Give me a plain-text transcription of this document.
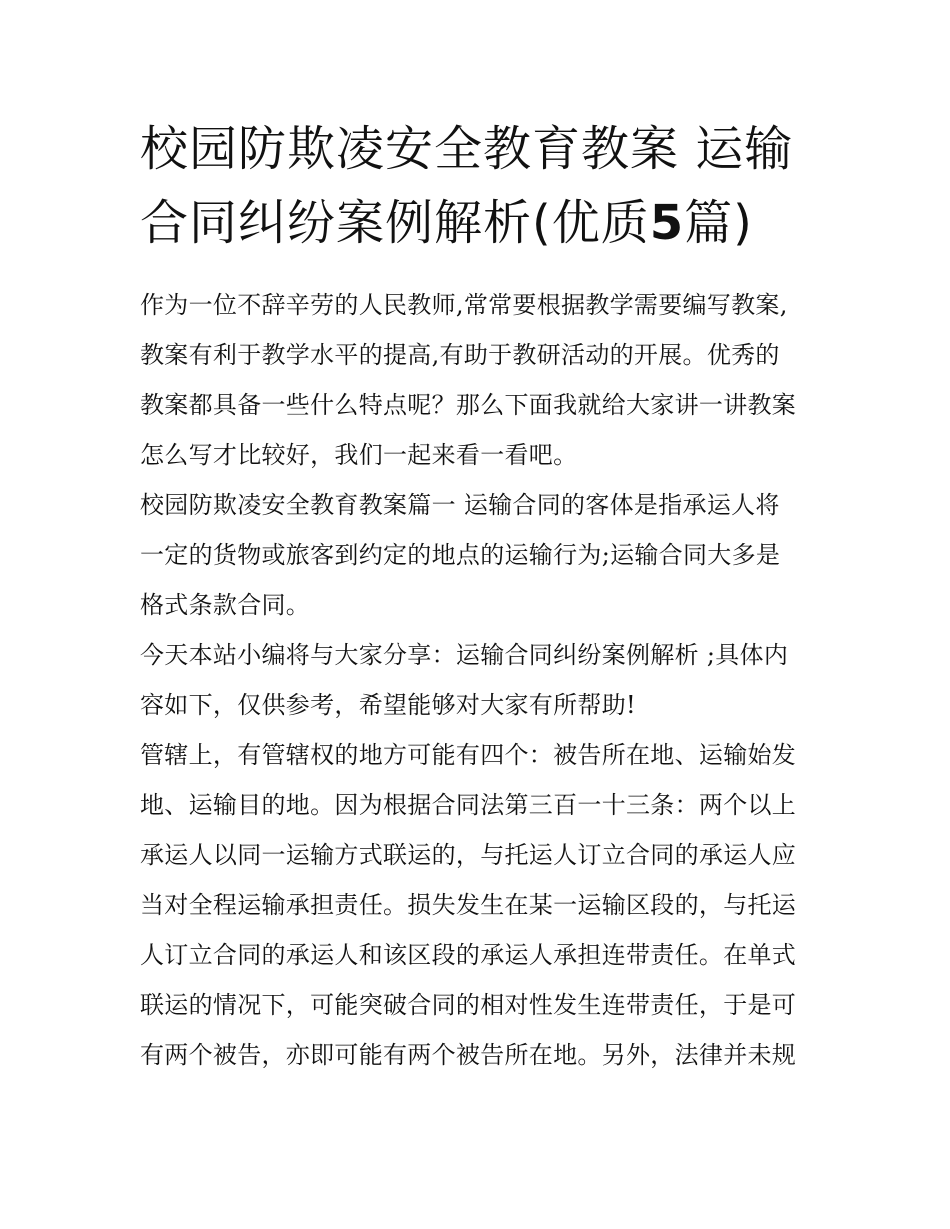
校园防欺凌安全教育教案 运输
合同纠纷案例解析(优质5篇)
作为一位不辞辛劳的人民教师,常常要根据教学需要编写教案,
教案有利于教学水平的提高,有助于教研活动的开展。优秀的
教案都具备一些什么特点呢？那么下面我就给大家讲一讲教案
怎么写才比较好，我们一起来看一看吧。
校园防欺凌安全教育教案篇一 运输合同的客体是指承运人将
一定的货物或旅客到约定的地点的运输行为;运输合同大多是
格式条款合同。
今天本站小编将与大家分享：运输合同纠纷案例解析 ;具体内
容如下，仅供参考，希望能够对大家有所帮助!
管辖上，有管辖权的地方可能有四个：被告所在地、运输始发
地、运输目的地。因为根据合同法第三百一十三条：两个以上
承运人以同一运输方式联运的，与托运人订立合同的承运人应
当对全程运输承担责任。损失发生在某一运输区段的，与托运
人订立合同的承运人和该区段的承运人承担连带责任。在单式
联运的情况下，可能突破合同的相对性发生连带责任，于是可
有两个被告，亦即可能有两个被告所在地。另外，法律并未规
